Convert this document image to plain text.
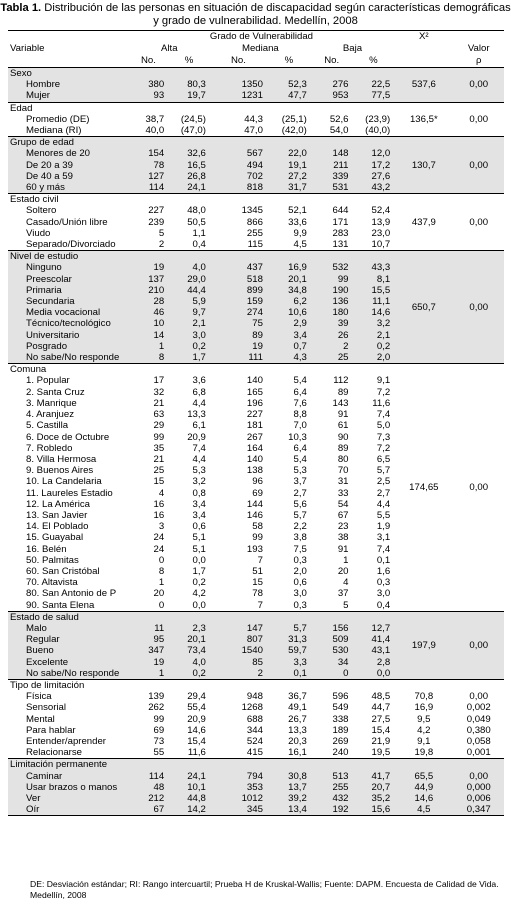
Tabla 1. Distribución de las personas en situación de discapacidad según características demográficas y grado de vulnerabilidad. Medellín, 2008
	Grado de Vulnerabilidad						X²	
Variable	Alta		Mediana		Baja			Valor
	No.	%	No.	%	No.	%		ρ
Sexo							537,6	0,00
Hombre	380	80,3	1350	52,3	276	22,5		
Mujer	93	19,7	1231	47,7	953	77,5		
Edad							136,5*	0,00
Promedio (DE)	38,7	(24,5)	44,3	(25,1)	52,6	(23,9)		
Mediana (RI)	40,0	(47,0)	47,0	(42,0)	54,0	(40,0)		
Grupo de edad							130,7	0,00
Menores de 20	154	32,6	567	22,0	148	12,0		
De 20 a 39	78	16,5	494	19,1	211	17,2		
De 40 a 59	127	26,8	702	27,2	339	27,6		
60 y más	114	24,1	818	31,7	531	43,2		
Estado civil							437,9	0,00
Soltero	227	48,0	1345	52,1	644	52,4		
Casado/Unión libre	239	50,5	866	33,6	171	13,9		
Viudo	5	1,1	255	9,9	283	23,0		
Separado/Divorciado	2	0,4	115	4,5	131	10,7		
Nivel de estudio							650,7	0,00
Ninguno	19	4,0	437	16,9	532	43,3		
Preescolar	137	29,0	518	20,1	99	8,1		
Primaria	210	44,4	899	34,8	190	15,5		
Secundaria	28	5,9	159	6,2	136	11,1		
Media vocacional	46	9,7	274	10,6	180	14,6		
Técnico/tecnológico	10	2,1	75	2,9	39	3,2		
Universitario	14	3,0	89	3,4	26	2,1		
Posgrado	1	0,2	19	0,7	2	0,2		
No sabe/No responde	8	1,7	111	4,3	25	2,0		
Comuna							174,65	0,00
1. Popular	17	3,6	140	5,4	112	9,1		
2. Santa Cruz	32	6,8	165	6,4	89	7,2		
3. Manrique	21	4,4	196	7,6	143	11,6		
4. Aranjuez	63	13,3	227	8,8	91	7,4		
5. Castilla	29	6,1	181	7,0	61	5,0		
6. Doce de Octubre	99	20,9	267	10,3	90	7,3		
7. Robledo	35	7,4	164	6,4	89	7,2		
8. Villa Hermosa	21	4,4	140	5,4	80	6,5		
9. Buenos Aires	25	5,3	138	5,3	70	5,7		
10. La Candelaria	15	3,2	96	3,7	31	2,5		
11. Laureles Estadio	4	0,8	69	2,7	33	2,7		
12. La América	16	3,4	144	5,6	54	4,4		
13. San Javier	16	3,4	146	5,7	67	5,5		
14. El Poblado	3	0,6	58	2,2	23	1,9		
15. Guayabal	24	5,1	99	3,8	38	3,1		
16. Belén	24	5,1	193	7,5	91	7,4		
50. Palmitas	0	0,0	7	0,3	1	0,1		
60. San Cristóbal	8	1,7	51	2,0	20	1,6		
70. Altavista	1	0,2	15	0,6	4	0,3		
80. San Antonio de P	20	4,2	78	3,0	37	3,0		
90. Santa Elena	0	0,0	7	0,3	5	0,4		
Estado de salud							197,9	0,00
Malo	11	2,3	147	5,7	156	12,7		
Regular	95	20,1	807	31,3	509	41,4		
Bueno	347	73,4	1540	59,7	530	43,1		
Excelente	19	4,0	85	3,3	34	2,8		
No sabe/No responde	1	0,2	2	0,1	0	0,0		
Tipo de limitación								
Física	139	29,4	948	36,7	596	48,5	70,8	0,00
Sensorial	262	55,4	1268	49,1	549	44,7	16,9	0,002
Mental	99	20,9	688	26,7	338	27,5	9,5	0,049
Para hablar	69	14,6	344	13,3	189	15,4	4,2	0,380
Entender/aprender	73	15,4	524	20,3	269	21,9	9,1	0,058
Relacionarse	55	11,6	415	16,1	240	19,5	19,8	0,001
Limitación permanente								
Caminar	114	24,1	794	30,8	513	41,7	65,5	0,00
Usar brazos o manos	48	10,1	353	13,7	255	20,7	44,9	0,000
Ver	212	44,8	1012	39,2	432	35,2	14,6	0,006
Oír	67	14,2	345	13,4	192	15,6	4,5	0,347
DE: Desviación estándar; RI: Rango intercuartil; Prueba H de Kruskal-Wallis; Fuente: DAPM. Encuesta de Calidad de Vida. Medellín, 2008
